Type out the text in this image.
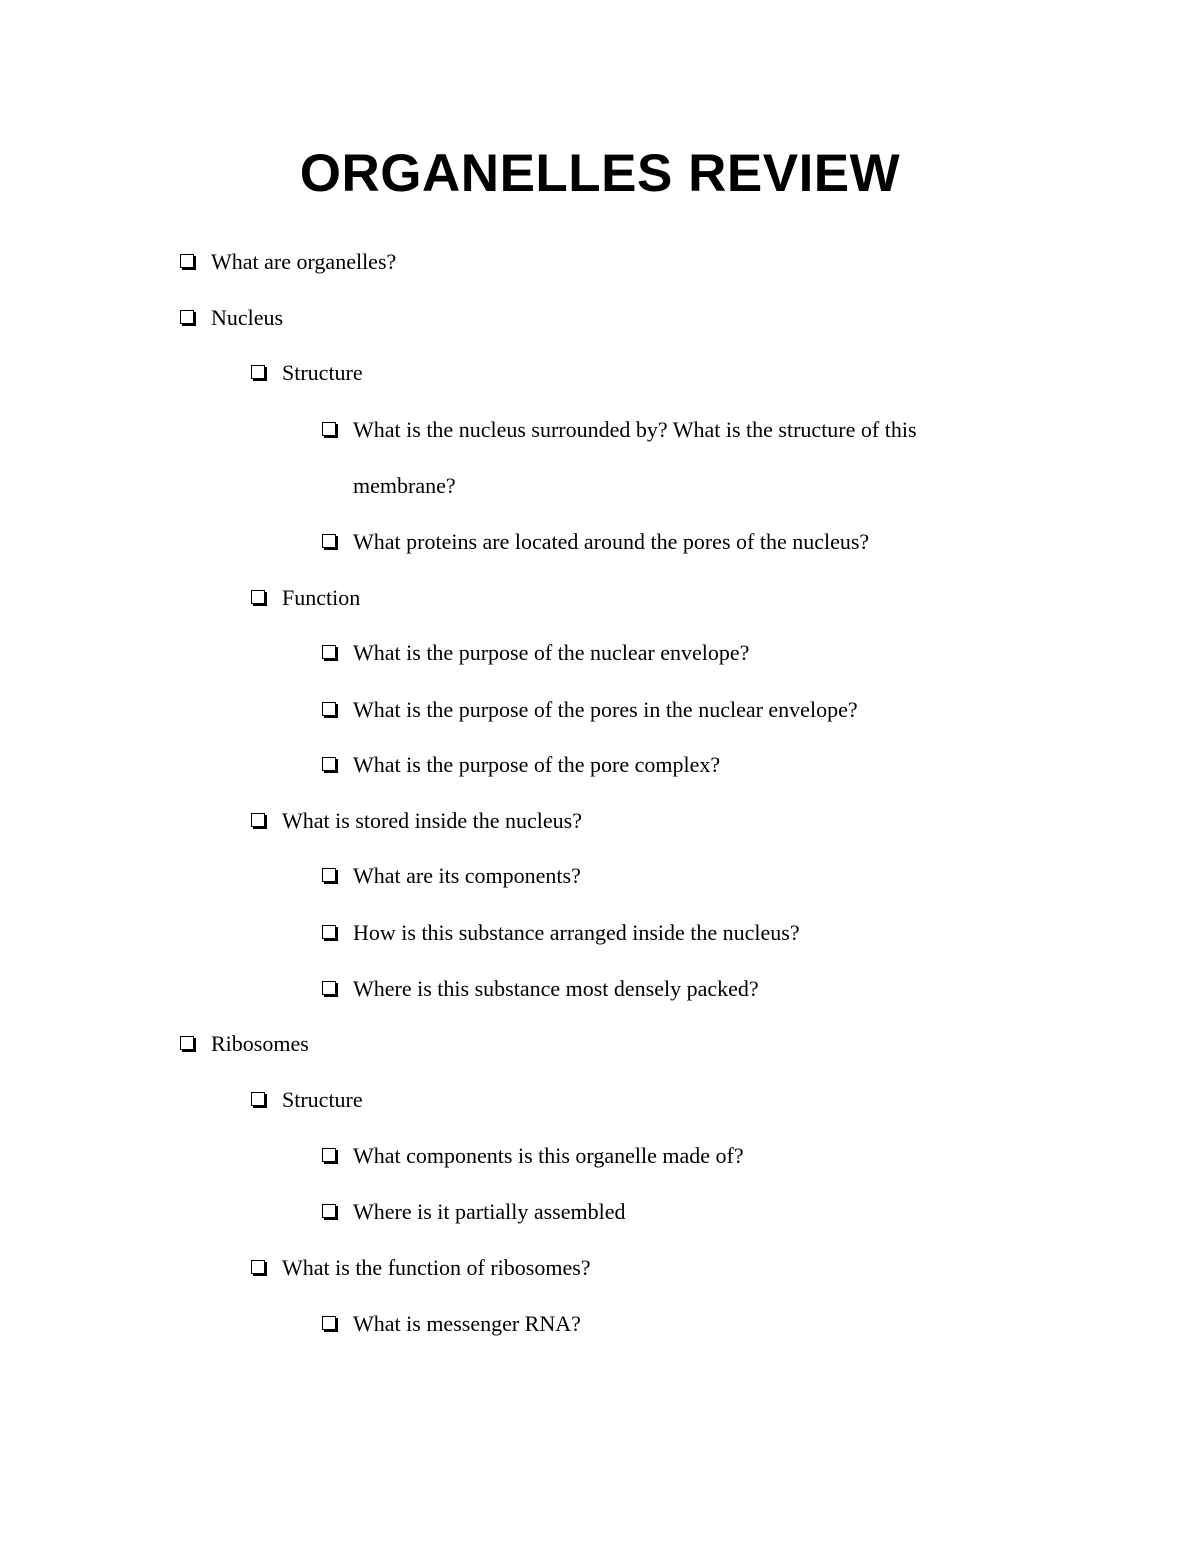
ORGANELLES REVIEW
What are organelles?
Nucleus
Structure
What is the nucleus surrounded by? What is the structure of this
membrane?
What proteins are located around the pores of the nucleus?
Function
What is the purpose of the nuclear envelope?
What is the purpose of the pores in the nuclear envelope?
What is the purpose of the pore complex?
What is stored inside the nucleus?
What are its components?
How is this substance arranged inside the nucleus?
Where is this substance most densely packed?
Ribosomes
Structure
What components is this organelle made of?
Where is it partially assembled
What is the function of ribosomes?
What is messenger RNA?
